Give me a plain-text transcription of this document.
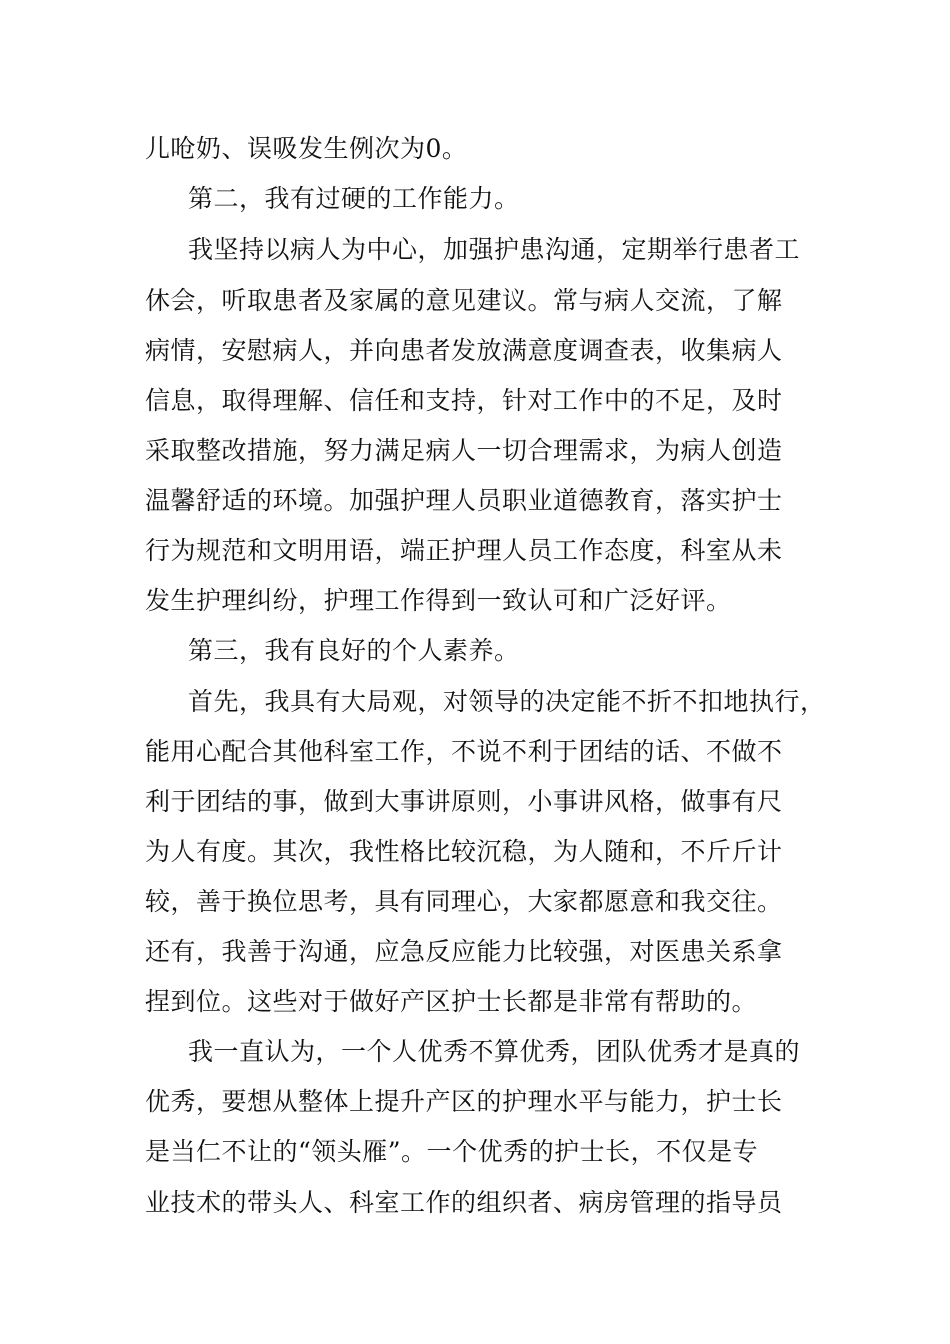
儿呛奶、误吸发生例次为0。
第二，我有过硬的工作能力。
我坚持以病人为中心，加强护患沟通，定期举行患者工
休会，听取患者及家属的意见建议。常与病人交流，了解
病情，安慰病人，并向患者发放满意度调查表，收集病人
信息，取得理解、信任和支持，针对工作中的不足，及时
采取整改措施，努力满足病人一切合理需求，为病人创造
温馨舒适的环境。加强护理人员职业道德教育，落实护士
行为规范和文明用语，端正护理人员工作态度，科室从未
发生护理纠纷，护理工作得到一致认可和广泛好评。
第三，我有良好的个人素养。
首先，我具有大局观，对领导的决定能不折不扣地执行，
能用心配合其他科室工作，不说不利于团结的话、不做不
利于团结的事，做到大事讲原则，小事讲风格，做事有尺
为人有度。其次，我性格比较沉稳，为人随和，不斤斤计
较，善于换位思考，具有同理心，大家都愿意和我交往。
还有，我善于沟通，应急反应能力比较强，对医患关系拿
捏到位。这些对于做好产区护士长都是非常有帮助的。
我一直认为，一个人优秀不算优秀，团队优秀才是真的
优秀，要想从整体上提升产区的护理水平与能力，护士长
是当仁不让的“领头雁”。一个优秀的护士长，不仅是专
业技术的带头人、科室工作的组织者、病房管理的指导员
